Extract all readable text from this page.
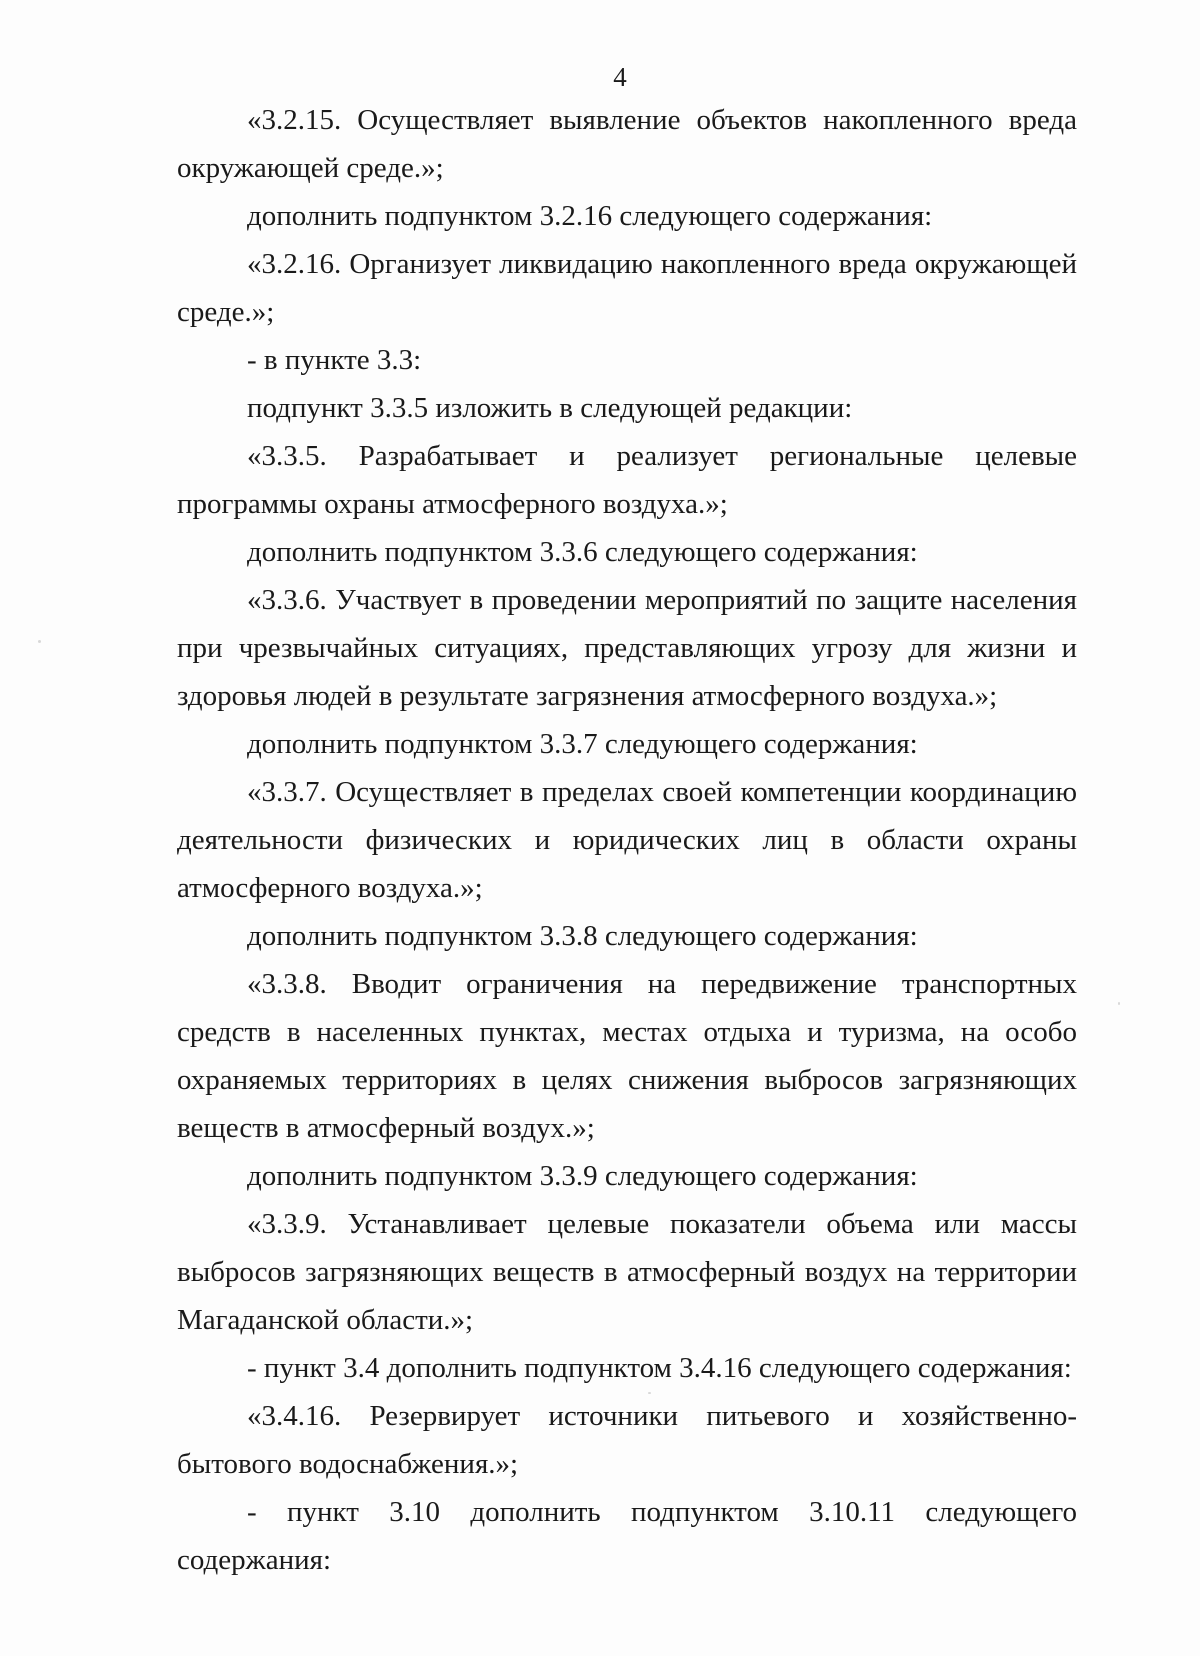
4

«3.2.15. Осуществляет выявление объектов накопленного вреда окружающей среде.»;

дополнить подпунктом 3.2.16 следующего содержания:

«3.2.16. Организует ликвидацию накопленного вреда окружающей среде.»;

- в пункте 3.3:

подпункт 3.3.5 изложить в следующей редакции:

«3.3.5. Разрабатывает и реализует региональные целевые программы охраны атмосферного воздуха.»;

дополнить подпунктом 3.3.6 следующего содержания:

«3.3.6. Участвует в проведении мероприятий по защите населения при чрезвычайных ситуациях, представляющих угрозу для жизни и здоровья людей в результате загрязнения атмосферного воздуха.»;

дополнить подпунктом 3.3.7 следующего содержания:

«3.3.7. Осуществляет в пределах своей компетенции координацию деятельности физических и юридических лиц в области охраны атмосферного воздуха.»;

дополнить подпунктом 3.3.8 следующего содержания:

«3.3.8. Вводит ограничения на передвижение транспортных средств в населенных пунктах, местах отдыха и туризма, на особо охраняемых территориях в целях снижения выбросов загрязняющих веществ в атмосферный воздух.»;

дополнить подпунктом 3.3.9 следующего содержания:

«3.3.9. Устанавливает целевые показатели объема или массы выбросов загрязняющих веществ в атмосферный воздух на территории Магаданской области.»;

- пункт 3.4 дополнить подпунктом 3.4.16 следующего содержания:

«3.4.16. Резервирует источники питьевого и хозяйственно-бытового водоснабжения.»;

- пункт 3.10 дополнить подпунктом 3.10.11 следующего содержания:
